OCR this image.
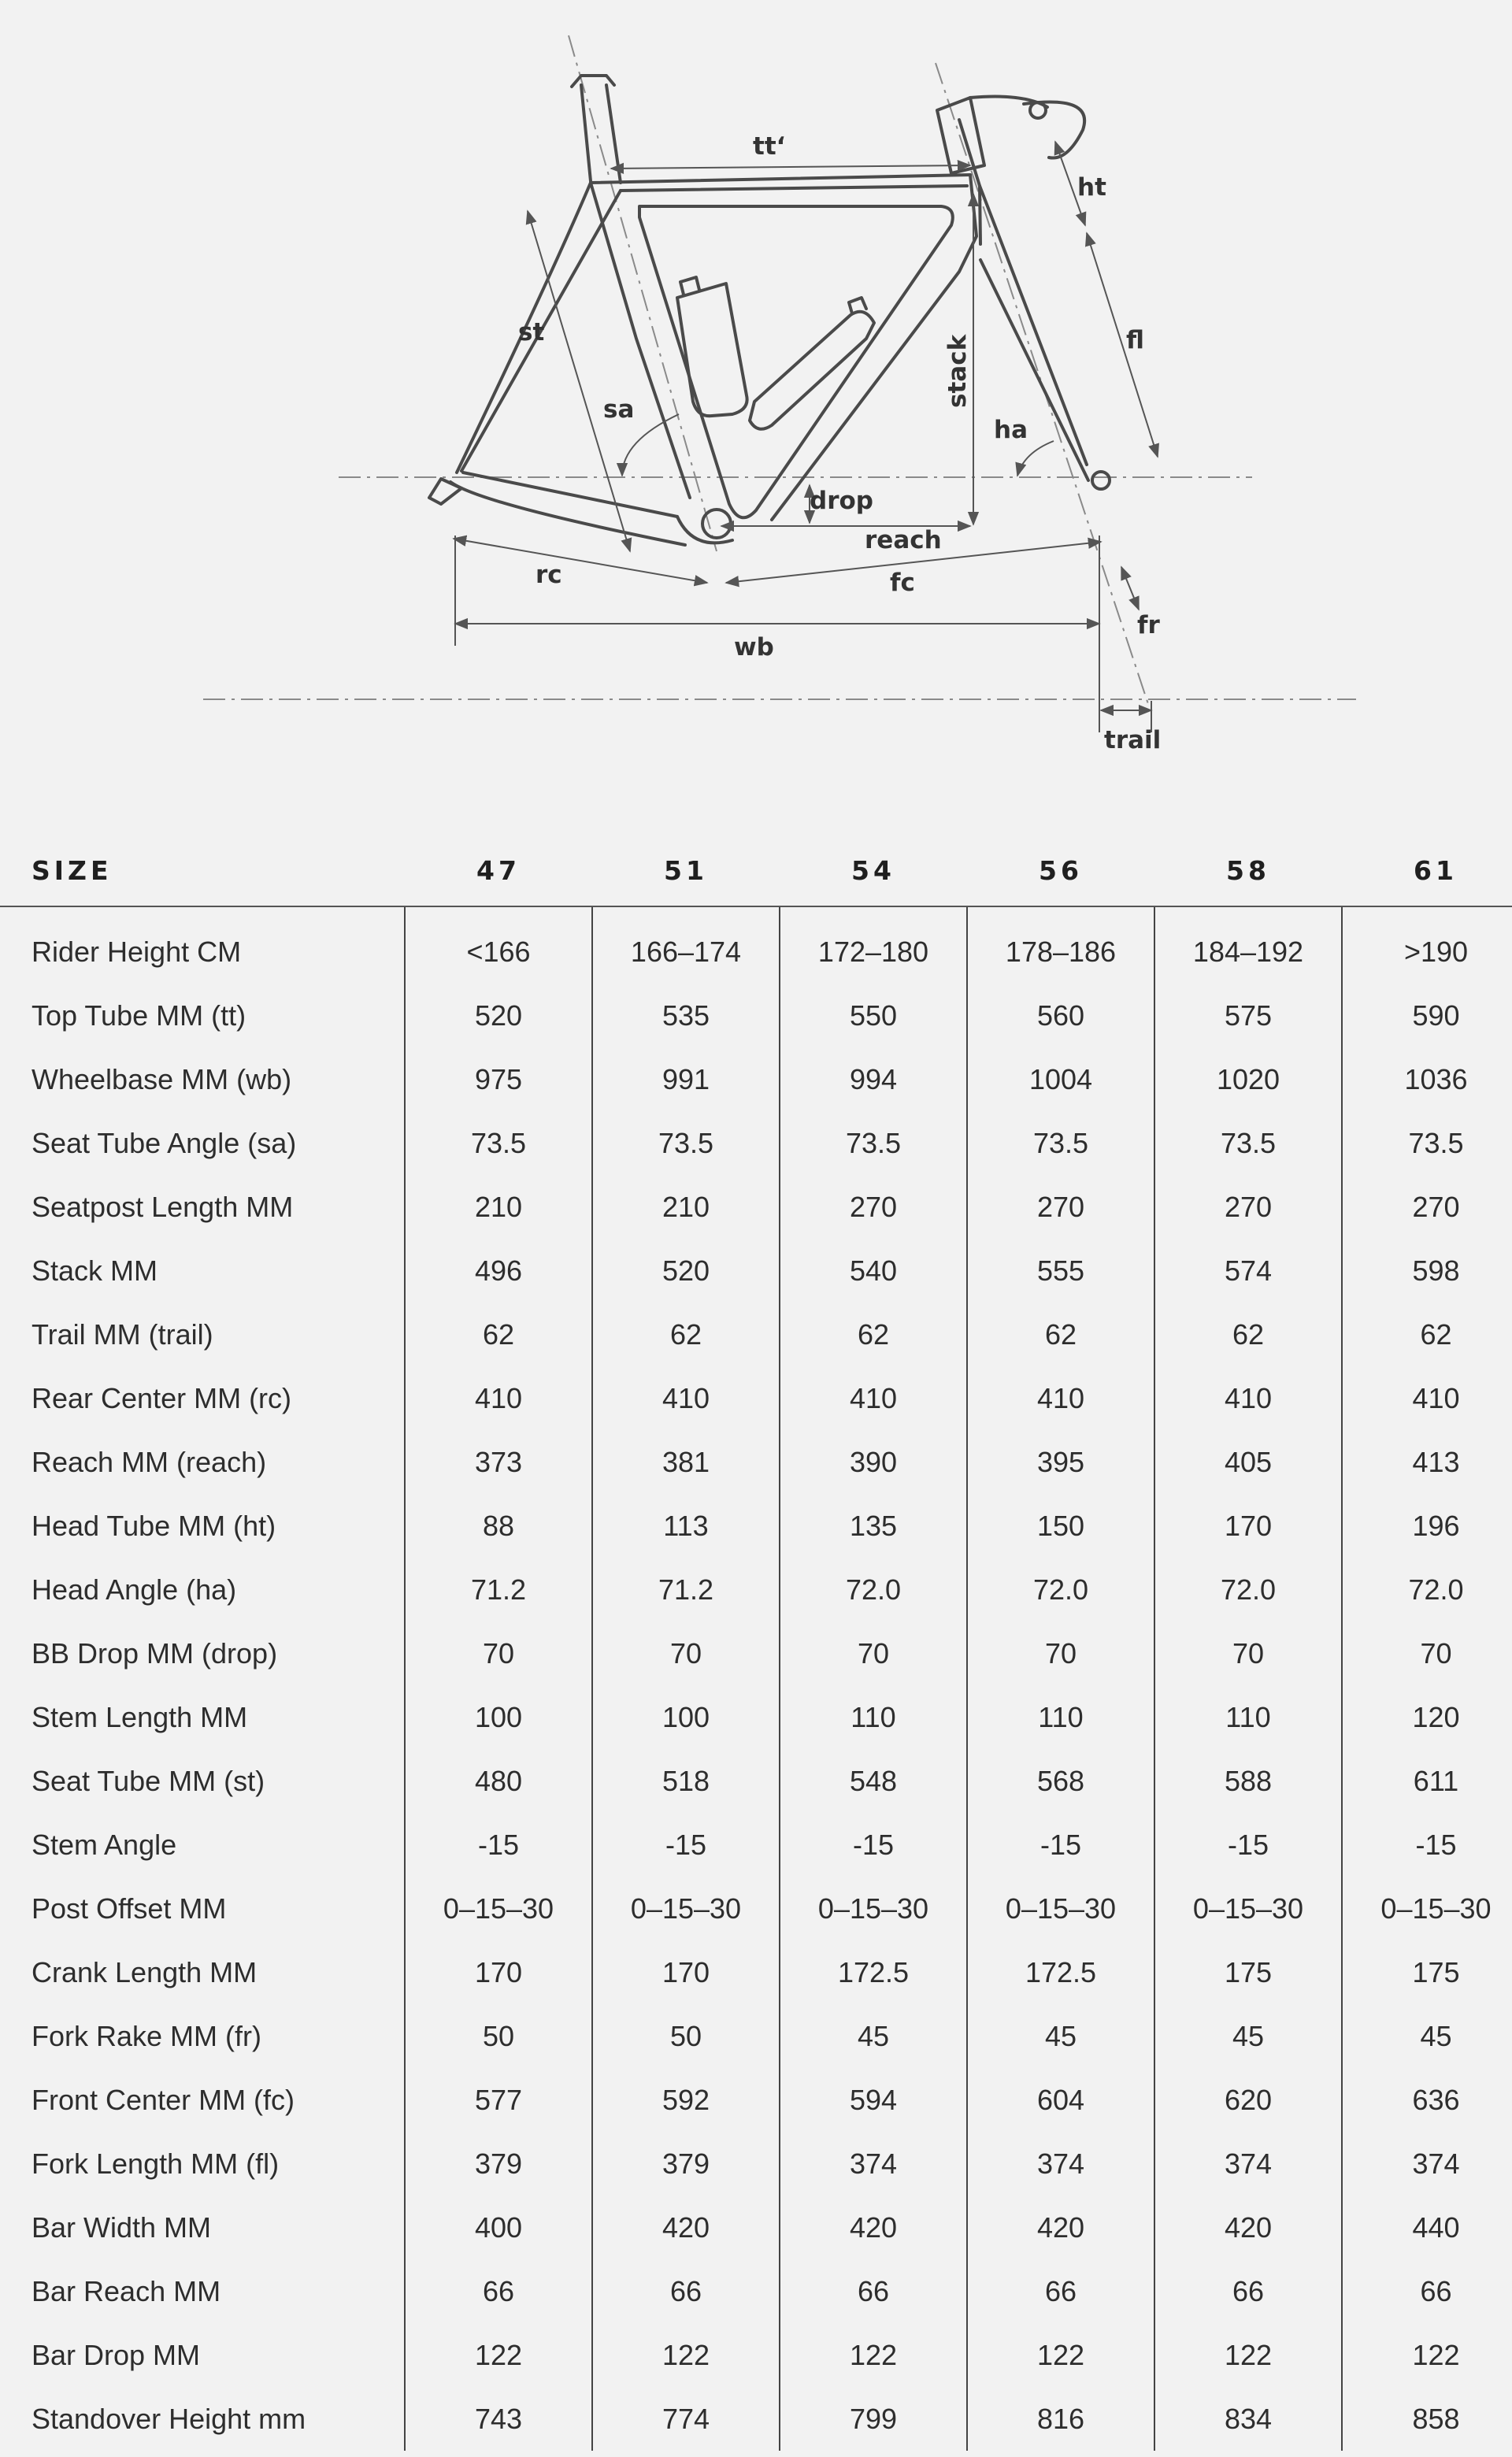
tt‘
ht
st	fl
stack
sa
ha
drop
reach
rc	fc
fr
wb
trail
SIZE	47	51	54	56	58	61
Rider Height CM	<166	166–174	172–180	178–186	184–192	>190
Top Tube MM (tt)	520	535	550	560	575	590
Wheelbase MM (wb)	975	991	994	1004	1020	1036
Seat Tube Angle (sa)	73.5	73.5	73.5	73.5	73.5	73.5
Seatpost Length MM	210	210	270	270	270	270
Stack MM	496	520	540	555	574	598
Trail MM (trail)	62	62	62	62	62	62
Rear Center MM (rc)	410	410	410	410	410	410
Reach MM (reach)	373	381	390	395	405	413
Head Tube MM (ht)	88	113	135	150	170	196
Head Angle (ha)	71.2	71.2	72.0	72.0	72.0	72.0
BB Drop MM (drop)	70	70	70	70	70	70
Stem Length MM	100	100	110	110	110	120
Seat Tube MM (st)	480	518	548	568	588	611
Stem Angle	-15	-15	-15	-15	-15	-15
Post Offset MM	0–15–30	0–15–30	0–15–30	0–15–30	0–15–30	0–15–30
Crank Length MM	170	170	172.5	172.5	175	175
Fork Rake MM (fr)	50	50	45	45	45	45
Front Center MM (fc)	577	592	594	604	620	636
Fork Length MM (fl)	379	379	374	374	374	374
Bar Width MM	400	420	420	420	420	440
Bar Reach MM	66	66	66	66	66	66
Bar Drop MM	122	122	122	122	122	122
Standover Height mm	743	774	799	816	834	858
